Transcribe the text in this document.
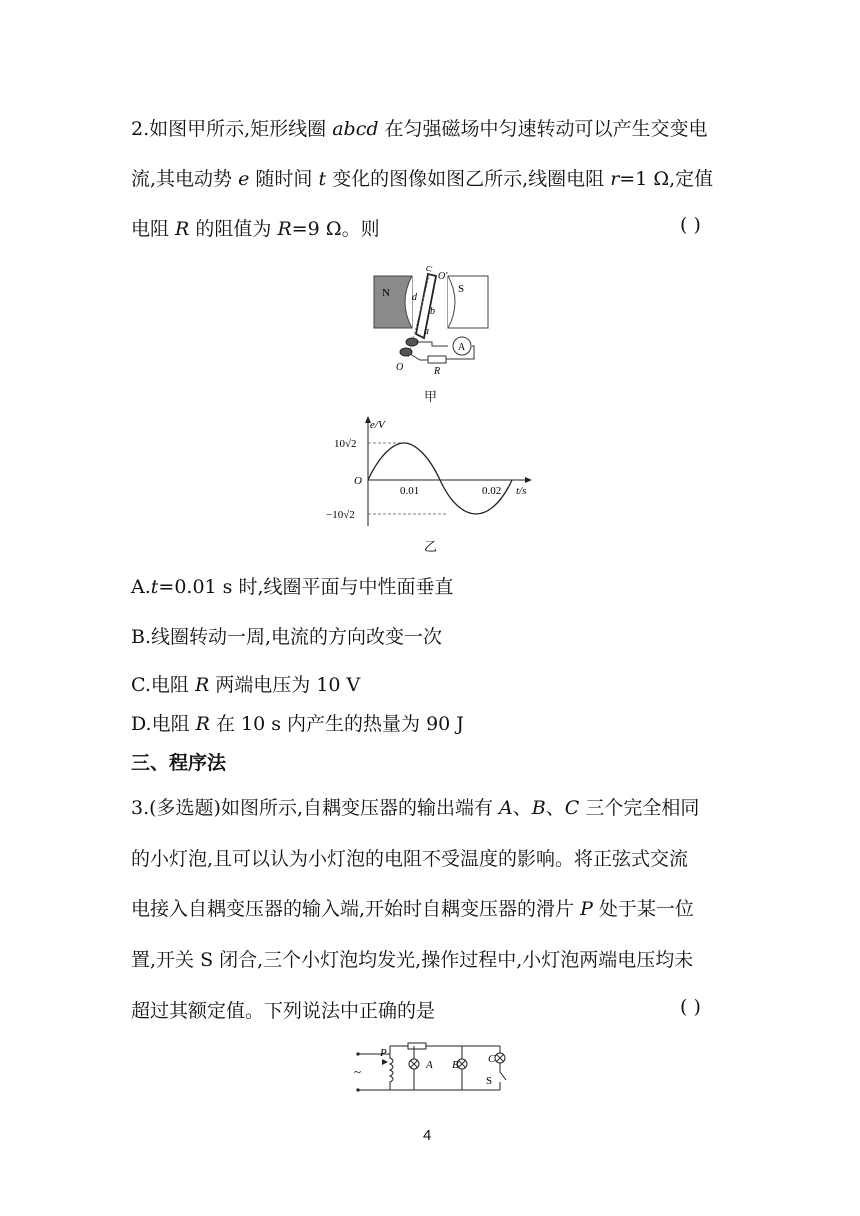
2.如图甲所示,矩形线圈 abcd 在匀强磁场中匀速转动可以产生交变电
流,其电动势 e 随时间 t 变化的图像如图乙所示,线圈电阻 r=1 Ω,定值
电阻 R 的阻值为 R=9 Ω。则	( )
N	S
c
O′
d
b
a
O	R
A
甲
e/V
t/s
O
10√2
−10√2
0.01	0.02
乙
A.t=0.01 s 时,线圈平面与中性面垂直
B.线圈转动一周,电流的方向改变一次
C.电阻 R 两端电压为 10 V
D.电阻 R 在 10 s 内产生的热量为 90 J
三、程序法
3.(多选题)如图所示,自耦变压器的输出端有 A、B、C 三个完全相同
的小灯泡,且可以认为小灯泡的电阻不受温度的影响。将正弦式交流
电接入自耦变压器的输入端,开始时自耦变压器的滑片 P 处于某一位
置,开关 S 闭合,三个小灯泡均发光,操作过程中,小灯泡两端电压均未
超过其额定值。下列说法中正确的是	( )
P
A B	C
S
~
4
